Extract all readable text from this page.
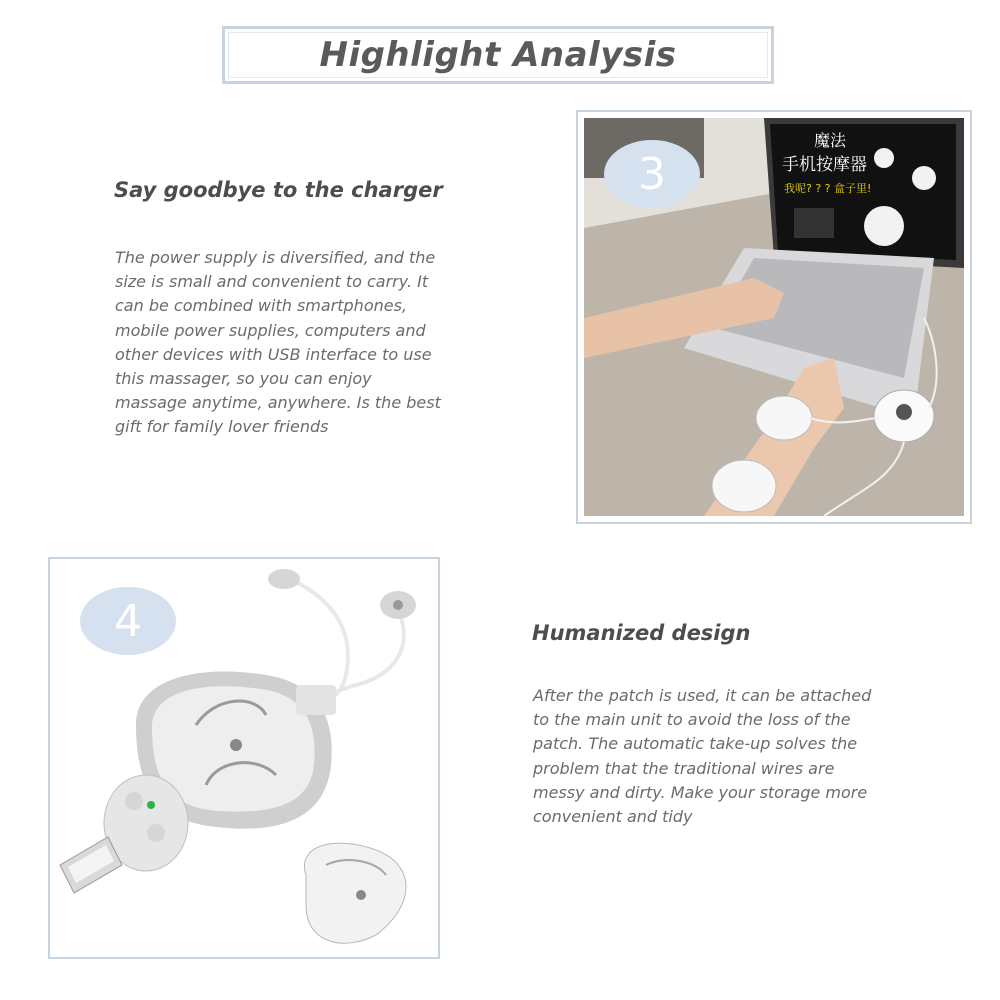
Highlight Analysis
Say goodbye to the charger
The power supply is diversified, and the
size is small and convenient to carry. It
can be combined with smartphones,
mobile power supplies, computers and
other devices with USB interface to use
this massager, so you can enjoy
massage anytime, anywhere. Is the best
gift for family lover friends
魔法
手机按摩器
我呢? ? ? 盒子里!
3
4	Humanized design
After the patch is used, it can be attached
to the main unit to avoid the loss of the
patch. The automatic take-up solves the
problem that the traditional wires are
messy and dirty. Make your storage more
convenient and tidy
